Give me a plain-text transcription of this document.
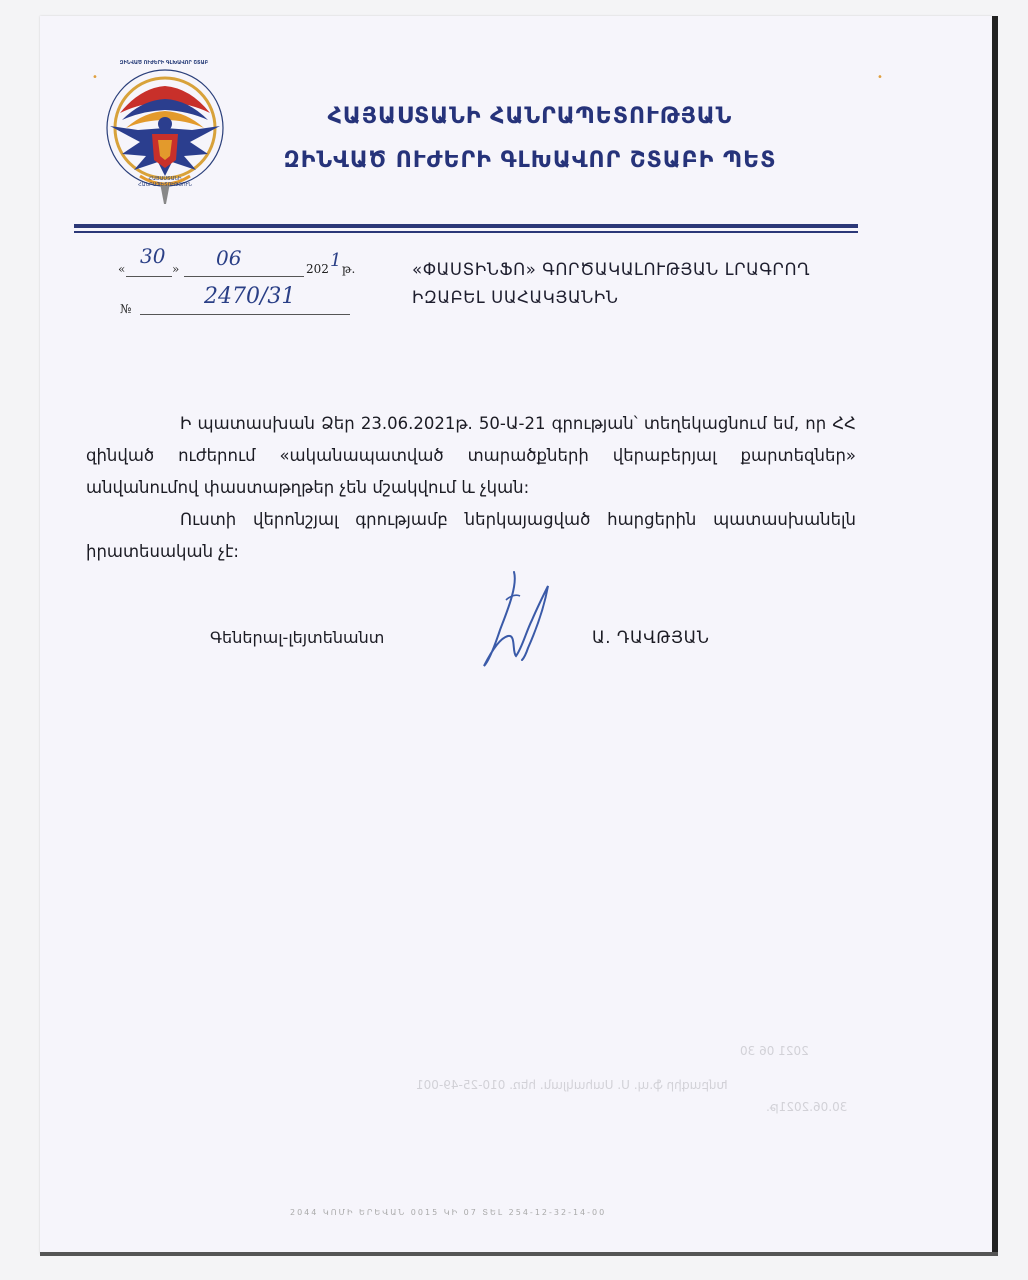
•	•
ԶԻՆՎԱԾ ՈՒԺԵՐԻ ԳԼԽԱՎՈՐ ՇՏԱԲ
ՀԱՅԱՍՏԱՆԻ ՀԱՆՐԱՊԵՏՈՒԹՅՈՒՆ
ՀԱՅԱՍՏԱՆԻ ՀԱՆՐԱՊԵՏՈՒԹՅԱՆ
ԶԻՆՎԱԾ ՈՒԺԵՐԻ ԳԼԽԱՎՈՐ ՇՏԱԲԻ ՊԵՏ
«
30
» 06	202 1 թ.
№	2470/31
«ՓԱՍՏԻՆՖՈ» ԳՈՐԾԱԿԱԼՈՒԹՅԱՆ ԼՐԱԳՐՈՂ
ԻԶԱԲԵԼ ՍԱՀԱԿՅԱՆԻՆ
Ի պատասխան Ձեր 23.06.2021թ. 50-Ա-21 գրության՝ տեղեկացնում եմ, որ ՀՀ
զինված ուժերում «ականապատված տարածքների վերաբերյալ քարտեզներ»
անվանումով փաստաթղթեր չեն մշակվում և չկան:
Ուստի վերոնշյալ գրությամբ ներկայացված հարցերին պատասխանելն
իրատեսական չէ:
Գեներալ-լեյտենանտ	Ա. ԴԱՎԹՅԱՆ
2021 06 30
Խմբագիր ֆ.պ. Ս. Սահակյան. հեռ. 010-25-49-001
30.06.2021թ.
2044 ԿՈՄԻ ԵՐԵՎԱՆ 0015 ԿԻ 07 ՏԵԼ 254-12-32-14-00
